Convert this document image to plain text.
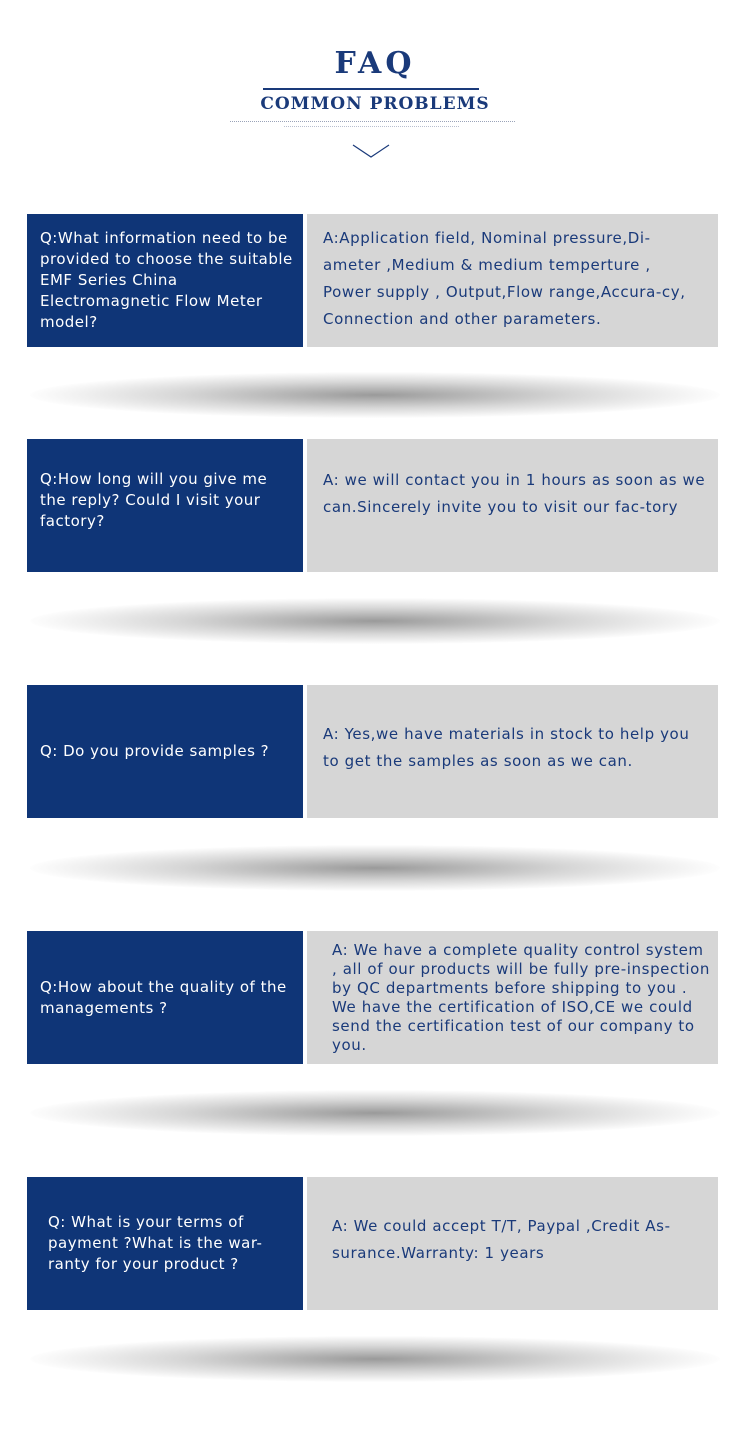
FAQ
COMMON PROBLEMS
Q:What information need to be provided to choose the suitable EMF Series China Electromagnetic Flow Meter model?
A:Application field, Nominal pressure,Di-ameter ,Medium & medium temperture , Power supply , Output,Flow range,Accura-cy, Connection and other parameters.
Q:How long will you give me the reply? Could I visit your factory?
A: we will contact you in 1 hours as soon as we can.Sincerely invite you to visit our fac-tory
Q: Do you provide samples ?
A: Yes,we have materials in stock to help you to get the samples as soon as we can.
Q:How about the quality of the managements ?
A: We have a complete quality control system , all of our products will be fully pre-inspection by QC departments before shipping to you . We have the certification of ISO,CE we could send the certification test of our company to you.
Q: What is your terms of payment ?What is the war-ranty for your product ?
A: We could accept T/T, Paypal ,Credit As-surance.Warranty: 1 years
